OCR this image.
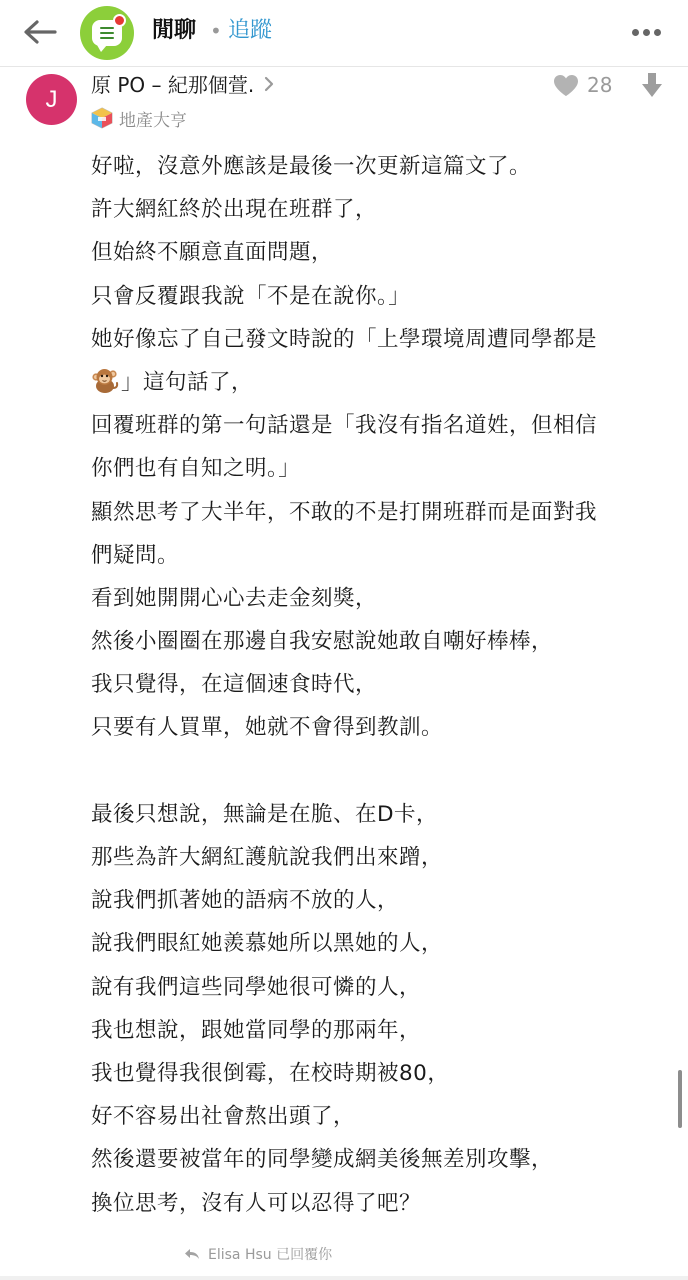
閒聊 • 追蹤
J
原 PO – 紀那個萱.
地產大亨
28
好啦，沒意外應該是最後一次更新這篇文了。
許大網紅終於出現在班群了，
但始終不願意直面問題，
只會反覆跟我說「不是在說你。」
她好像忘了自己發文時說的「上學環境周遭同學都是
」這句話了，
回覆班群的第一句話還是「我沒有指名道姓，但相信
你們也有自知之明。」
顯然思考了大半年，不敢的不是打開班群而是面對我
們疑問。
看到她開開心心去走金刻獎，
然後小圈圈在那邊自我安慰說她敢自嘲好棒棒，
我只覺得，在這個速食時代，
只要有人買單，她就不會得到教訓。
最後只想說，無論是在脆、在D卡，
那些為許大網紅護航說我們出來蹭，
說我們抓著她的語病不放的人，
說我們眼紅她羨慕她所以黑她的人，
說有我們這些同學她很可憐的人，
我也想說，跟她當同學的那兩年，
我也覺得我很倒霉，在校時期被80，
好不容易出社會熬出頭了，
然後還要被當年的同學變成網美後無差別攻擊，
換位思考，沒有人可以忍得了吧？
Elisa Hsu 已回覆你
